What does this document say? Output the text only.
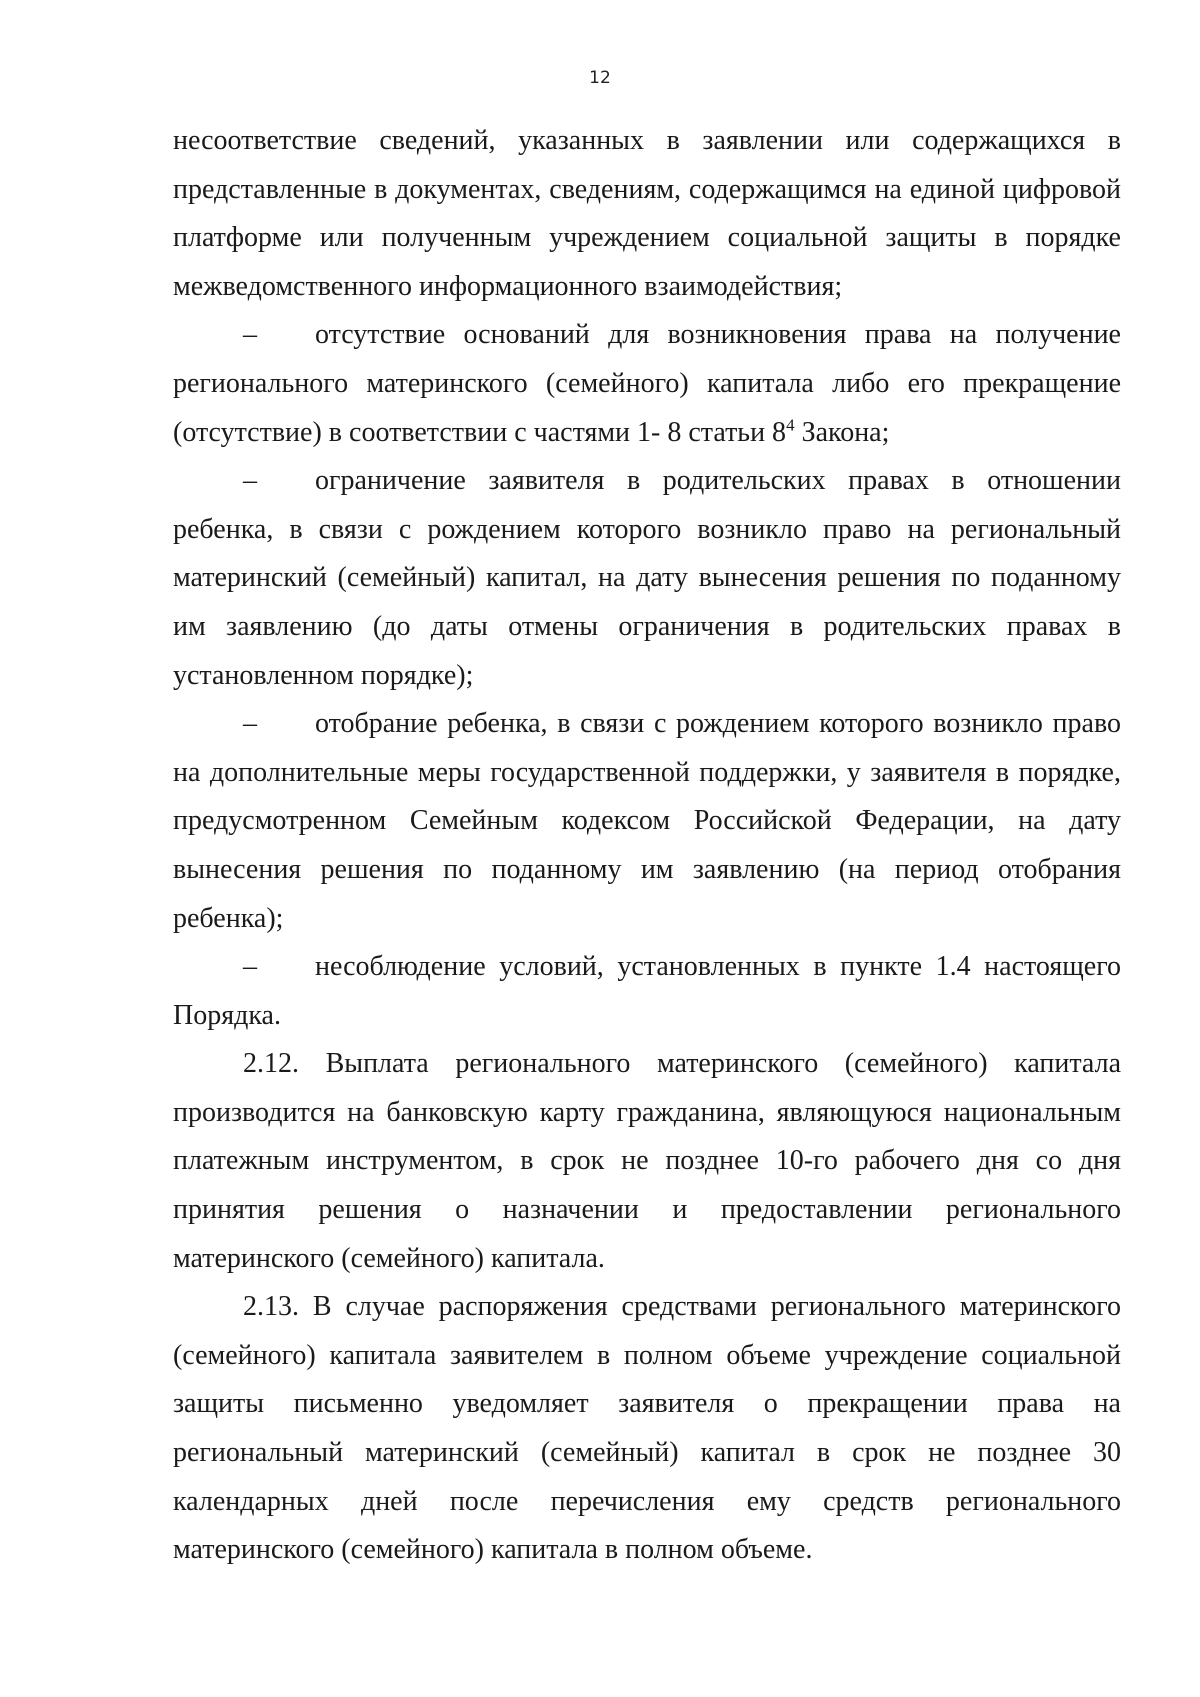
12

несоответствие сведений, указанных в заявлении или содержащихся в представленные в документах, сведениям, содержащимся на единой цифровой платформе или полученным учреждением социальной защиты в порядке межведомственного информационного взаимодействия;

– отсутствие оснований для возникновения права на получение регионального материнского (семейного) капитала либо его прекращение (отсутствие) в соответствии с частями 1- 8 статьи $8^4$ Закона;

– ограничение заявителя в родительских правах в отношении ребенка, в связи с рождением которого возникло право на региональный материнский (семейный) капитал, на дату вынесения решения по поданному им заявлению (до даты отмены ограничения в родительских правах в установленном порядке);

– отобрание ребенка, в связи с рождением которого возникло право на дополнительные меры государственной поддержки, у заявителя в порядке, предусмотренном Семейным кодексом Российской Федерации, на дату вынесения решения по поданному им заявлению (на период отобрания ребенка);

– несоблюдение условий, установленных в пункте 1.4 настоящего Порядка.

2.12. Выплата регионального материнского (семейного) капитала производится на банковскую карту гражданина, являющуюся национальным платежным инструментом, в срок не позднее 10-го рабочего дня со дня принятия решения о назначении и предоставлении регионального материнского (семейного) капитала.

2.13. В случае распоряжения средствами регионального материнского (семейного) капитала заявителем в полном объеме учреждение социальной защиты письменно уведомляет заявителя о прекращении права на региональный материнский (семейный) капитал в срок не позднее 30 календарных дней после перечисления ему средств регионального материнского (семейного) капитала в полном объеме.
